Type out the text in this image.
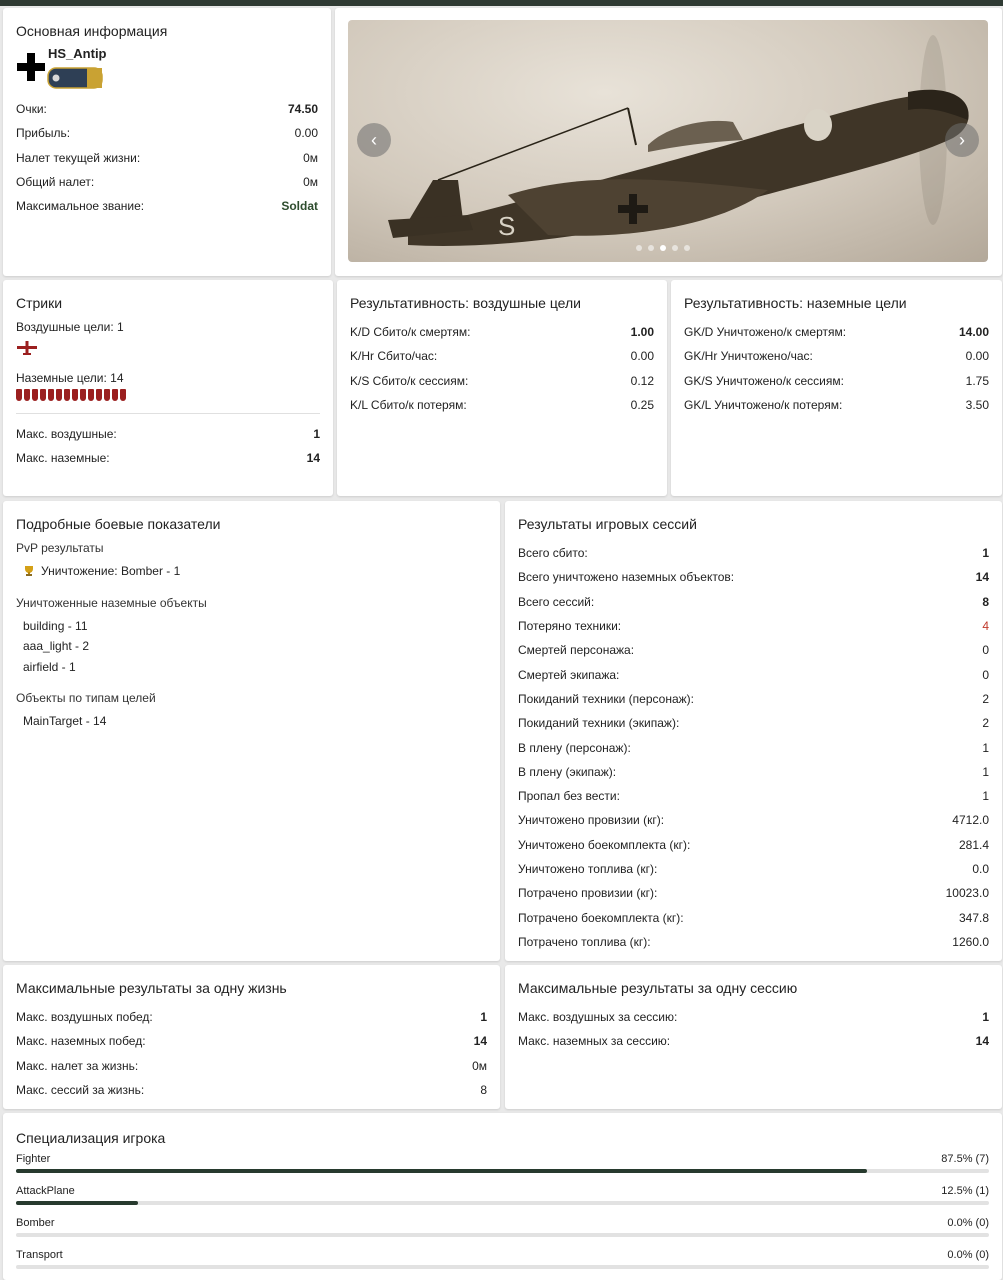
Основная информация
HS_Antip
Очки:	74.50
Прибыль:	0.00
Налет текущей жизни:	0м
Общий налет:	0м
Максимальное звание:	Soldat
S
‹	›
Стрики
Воздушные цели: 1
Наземные цели: 14
Макс. воздушные:	1
Макс. наземные:	14
Результативность: воздушные цели
K/D Сбито/к смертям:	1.00
K/Hr Сбито/час:	0.00
K/S Сбито/к сессиям:	0.12
K/L Сбито/к потерям:	0.25
Результативность: наземные цели
GK/D Уничтожено/к смертям:	14.00
GK/Hr Уничтожено/час:	0.00
GK/S Уничтожено/к сессиям:	1.75
GK/L Уничтожено/к потерям:	3.50
Подробные боевые показатели
PvP результаты
Уничтожение: Bomber - 1
Уничтоженные наземные объекты
building - 11
aaa_light - 2
airfield - 1
Объекты по типам целей
MainTarget - 14
Результаты игровых сессий
Всего сбито:	1
Всего уничтожено наземных объектов:	14
Всего сессий:	8
Потеряно техники:	4
Смертей персонажа:	0
Смертей экипажа:	0
Покиданий техники (персонаж):	2
Покиданий техники (экипаж):	2
В плену (персонаж):	1
В плену (экипаж):	1
Пропал без вести:	1
Уничтожено провизии (кг):	4712.0
Уничтожено боекомплекта (кг):	281.4
Уничтожено топлива (кг):	0.0
Потрачено провизии (кг):	10023.0
Потрачено боекомплекта (кг):	347.8
Потрачено топлива (кг):	1260.0
Максимальные результаты за одну жизнь
Макс. воздушных побед:	1
Макс. наземных побед:	14
Макс. налет за жизнь:	0м
Макс. сессий за жизнь:	8
Максимальные результаты за одну сессию
Макс. воздушных за сессию:	1
Макс. наземных за сессию:	14
Специализация игрока
Fighter	87.5% (7)
AttackPlane	12.5% (1)
Bomber	0.0% (0)
Transport	0.0% (0)
